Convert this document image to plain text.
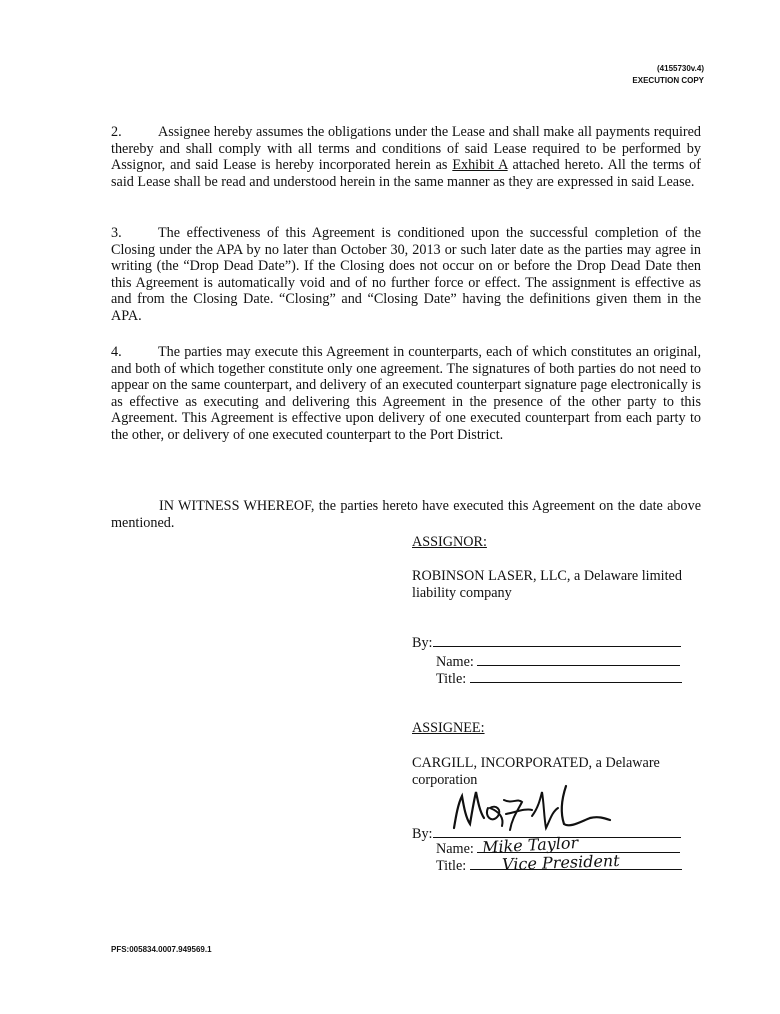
(4155730v.4)
EXECUTION COPY

2.	Assignee hereby assumes the obligations under the Lease and shall make all payments required thereby and shall comply with all terms and conditions of said Lease required to be performed by Assignor, and said Lease is hereby incorporated herein as Exhibit A attached hereto. All the terms of said Lease shall be read and understood herein in the same manner as they are expressed in said Lease.

3.	The effectiveness of this Agreement is conditioned upon the successful completion of the Closing under the APA by no later than October 30, 2013 or such later date as the parties may agree in writing (the “Drop Dead Date”). If the Closing does not occur on or before the Drop Dead Date then this Agreement is automatically void and of no further force or effect. The assignment is effective as and from the Closing Date. “Closing” and “Closing Date” having the definitions given them in the APA.

4.	The parties may execute this Agreement in counterparts, each of which constitutes an original, and both of which together constitute only one agreement. The signatures of both parties do not need to appear on the same counterpart, and delivery of an executed counterpart signature page electronically is as effective as executing and delivering this Agreement in the presence of the other party to this Agreement. This Agreement is effective upon delivery of one executed counterpart from each party to the other, or delivery of one executed counterpart to the Port District.

IN WITNESS WHEREOF, the parties hereto have executed this Agreement on the date above mentioned.

ASSIGNOR:
ROBINSON LASER, LLC, a Delaware limited liability company
By:
Name:
Title:
ASSIGNEE:
CARGILL, INCORPORATED, a Delaware corporation
By:
Name:
Title:
Mike Taylor
Vice President
PFS:005834.0007.949569.1
